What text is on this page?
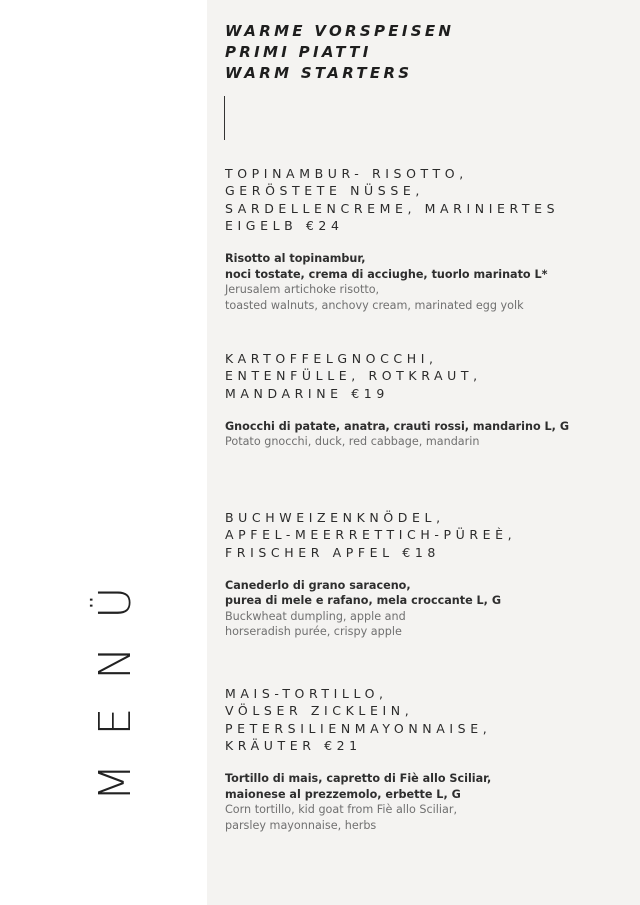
MENÜ
WARME VORSPEISEN
PRIMI PIATTI
WARM STARTERS
TOPINAMBUR- RISOTTO,
GERÖSTETE NÜSSE,
SARDELLENCREME, MARINIERTES
EIGELB €24
Risotto al topinambur,
noci tostate, crema di acciughe, tuorlo marinato L*
Jerusalem artichoke risotto,
toasted walnuts, anchovy cream, marinated egg yolk
KARTOFFELGNOCCHI,
ENTENFÜLLE, ROTKRAUT,
MANDARINE €19
Gnocchi di patate, anatra, crauti rossi, mandarino L, G
Potato gnocchi, duck, red cabbage, mandarin
BUCHWEIZENKNÖDEL,
APFEL-MEERRETTICH-PÜREÈ,
FRISCHER APFEL €18
Canederlo di grano saraceno,
purea di mele e rafano, mela croccante L, G
Buckwheat dumpling, apple and
horseradish purée, crispy apple
MAIS-TORTILLO,
VÖLSER ZICKLEIN,
PETERSILIENMAYONNAISE,
KRÄUTER €21
Tortillo di mais, capretto di Fiè allo Sciliar,
maionese al prezzemolo, erbette L, G
Corn tortillo, kid goat from Fiè allo Sciliar,
parsley mayonnaise, herbs
